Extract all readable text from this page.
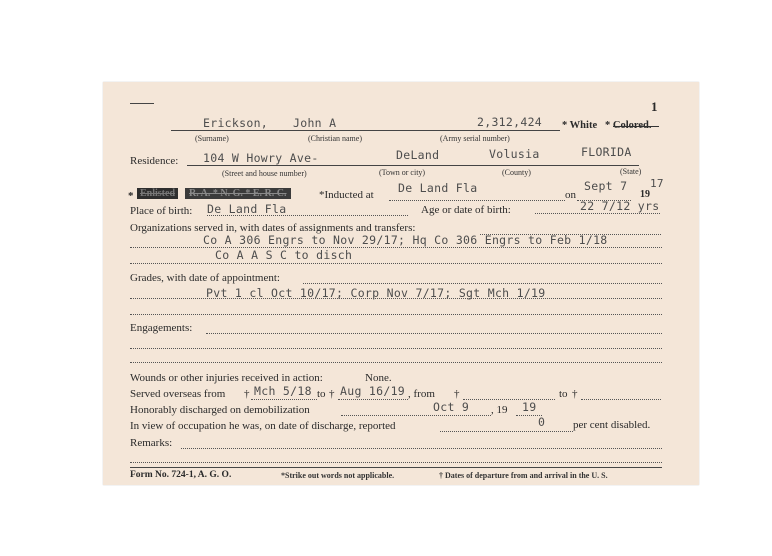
1
Erickson, John A	2,312,424 * White * Colored.
(Surname)	(Christian name)	(Army serial number)
Residence: 104 W Howry Ave-	DeLand	Volusia	FLORIDA
(Street and house number)	(Town or city)	(County)	(State)
* Enlisted	R. A. * N. G. * E. R. C.	*Inducted at De Land Fla	on
Sept 7
19
17
Place of birth: De Land Fla	Age or date of birth:	22 7/12 yrs
Organizations served in, with dates of assignments and transfers:
Co A 306 Engrs to Nov 29/17; Hq Co 306 Engrs to Feb 1/18
Co A A S C to disch
Grades, with date of appointment:
Pvt 1 cl Oct 10/17; Corp Nov 7/17; Sgt Mch 1/19
Engagements:
Wounds or other injuries received in action:	None.
Served overseas from † Mch 5/18 to † Aug 16/19 , from †	to †
Honorably discharged on demobilization	Oct 9 , 19 19
In view of occupation he was, on date of discharge, reported	0	per cent disabled.
Remarks:
Form No. 724-1, A. G. O.	*Strike out words not applicable.	† Dates of departure from and arrival in the U. S.
